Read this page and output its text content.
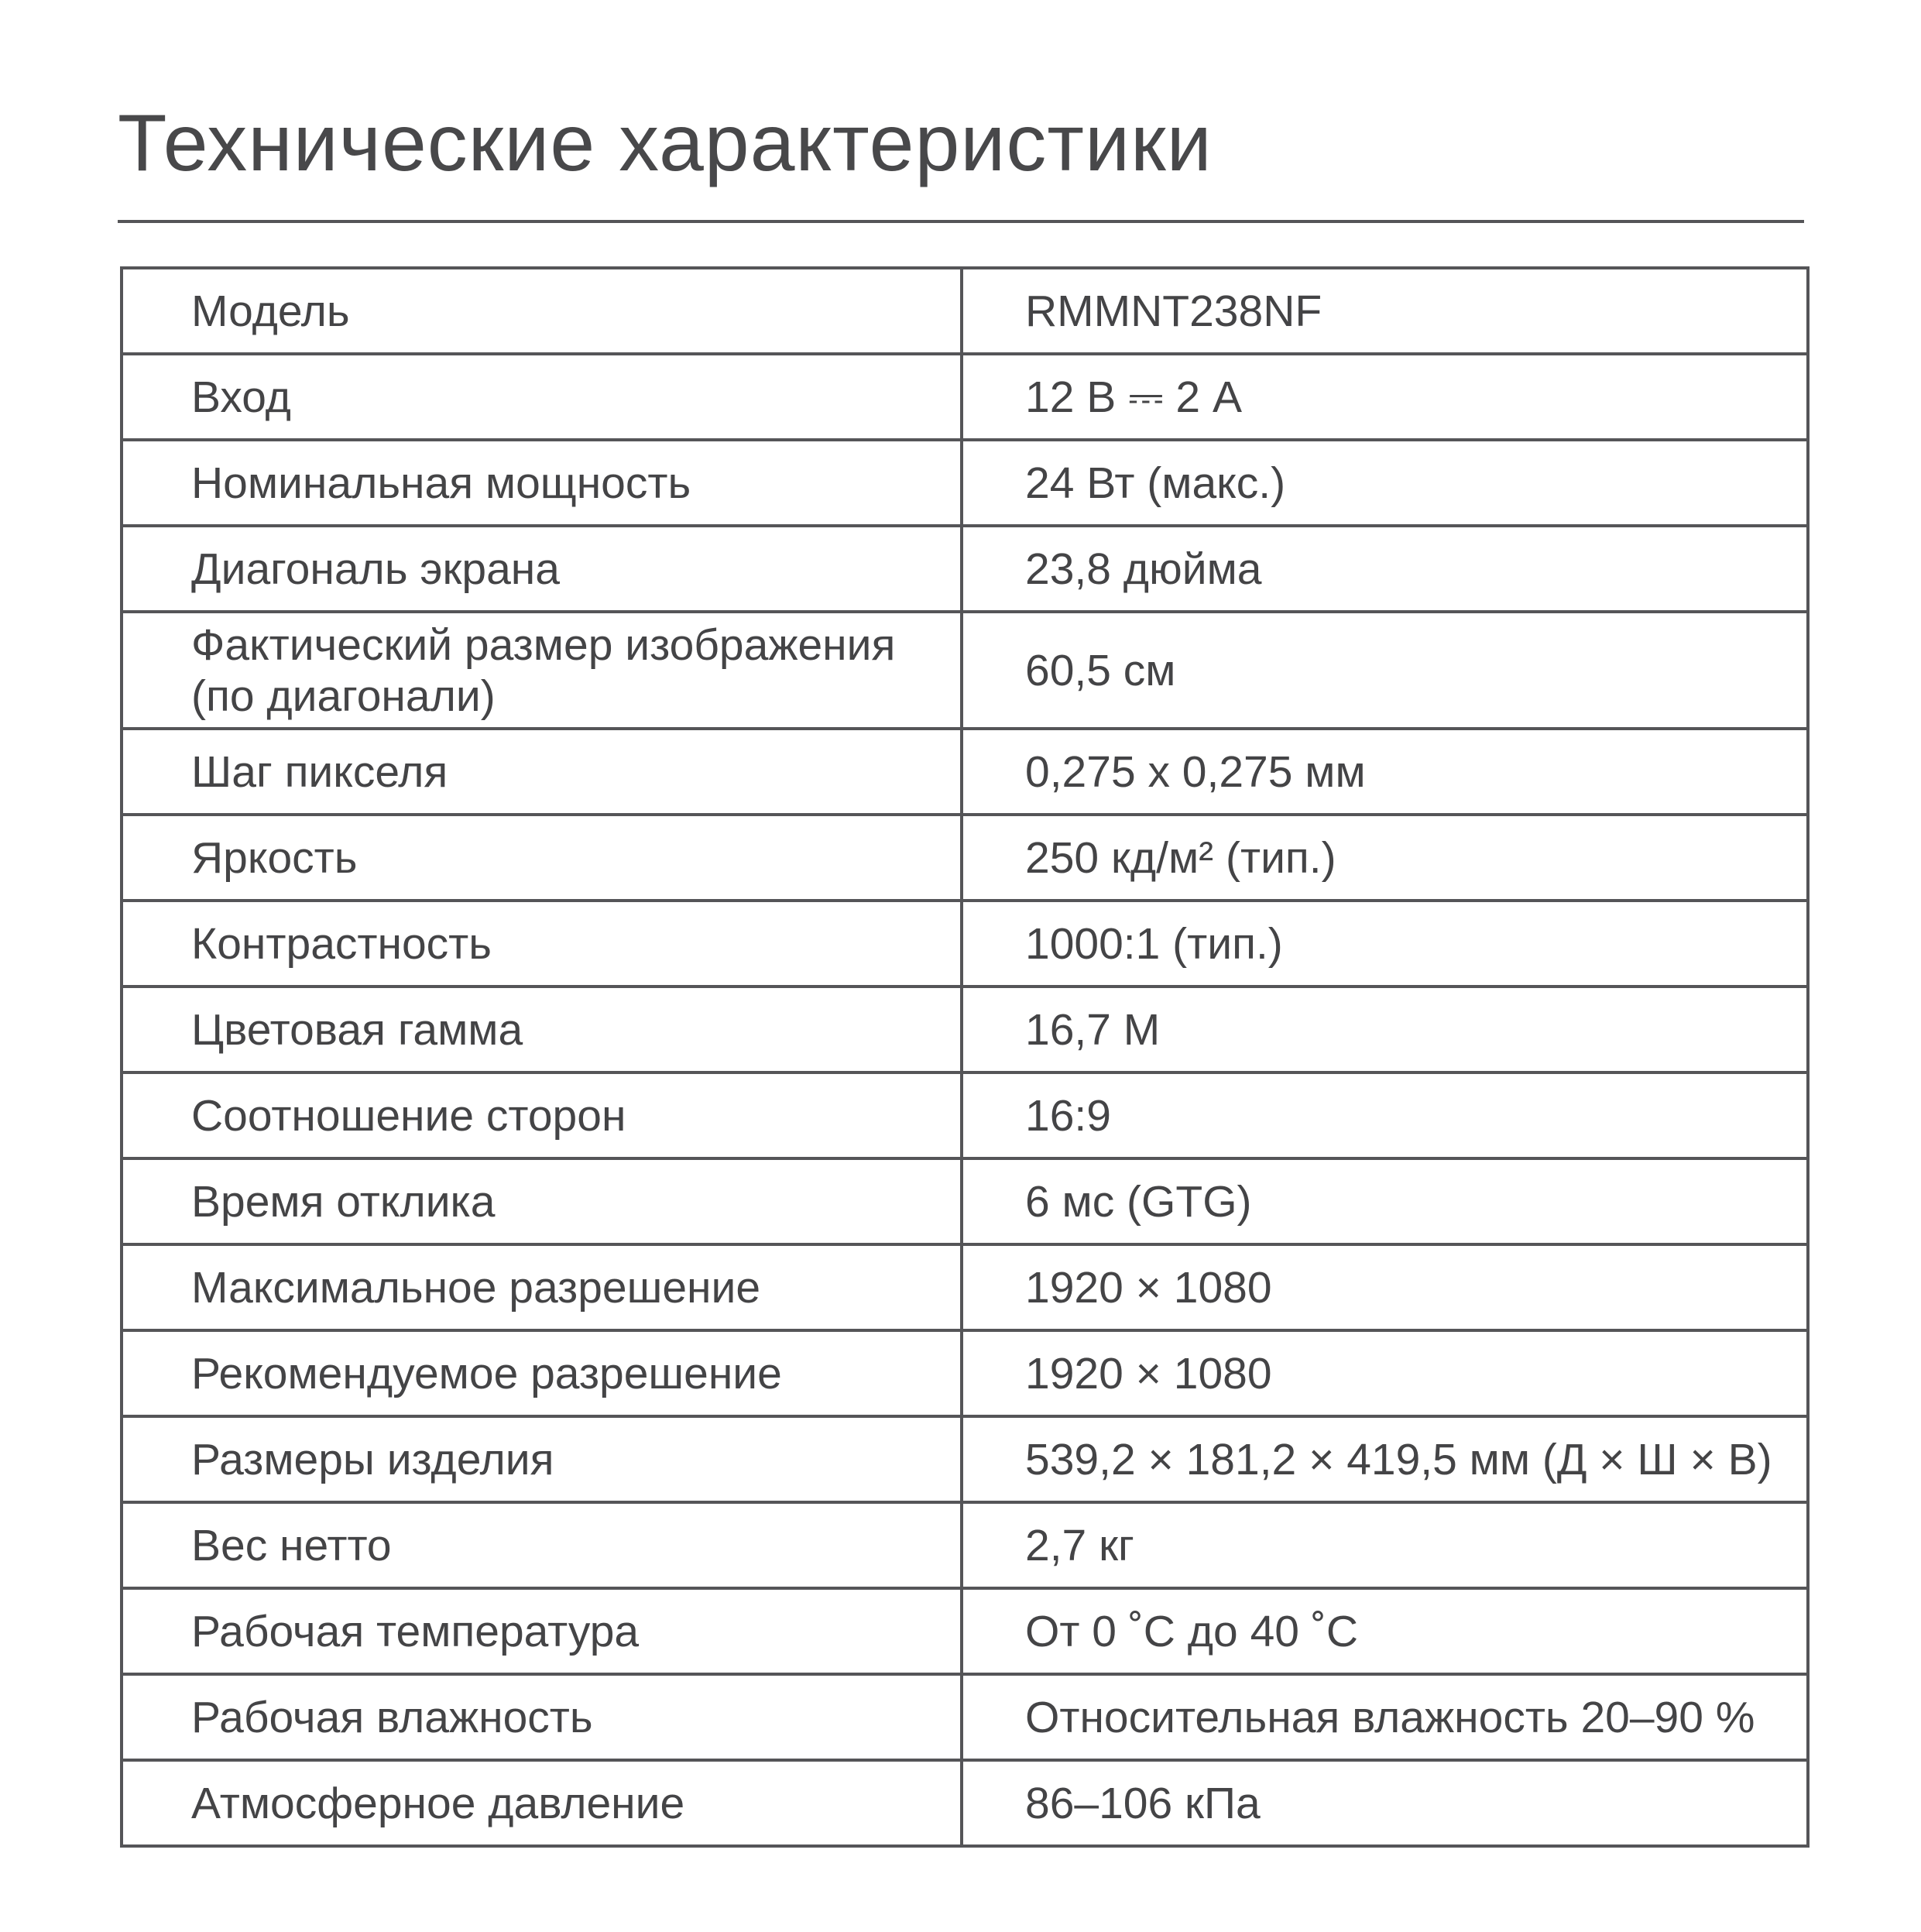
Технические характеристики
Модель	RMMNT238NF
Вход	12 В ⎓ 2 А
Номинальная мощность	24 Вт (макс.)
Диагональ экрана	23,8 дюйма
Фактический размер изображения (по диагонали)	60,5 см
Шаг пикселя	0,275 x 0,275 мм
Яркость	250 кд/м² (тип.)
Контрастность	1000:1 (тип.)
Цветовая гамма	16,7 M
Соотношение сторон	16:9
Время отклика	6 мс (GTG)
Максимальное разрешение	1920 × 1080
Рекомендуемое разрешение	1920 × 1080
Размеры изделия	539,2 × 181,2 × 419,5 мм (Д × Ш × В)
Вес нетто	2,7 кг
Рабочая температура	От 0 ˚C до 40 ˚C
Рабочая влажность	Относительная влажность 20–90 %
Атмосферное давление	86–106 кПа
